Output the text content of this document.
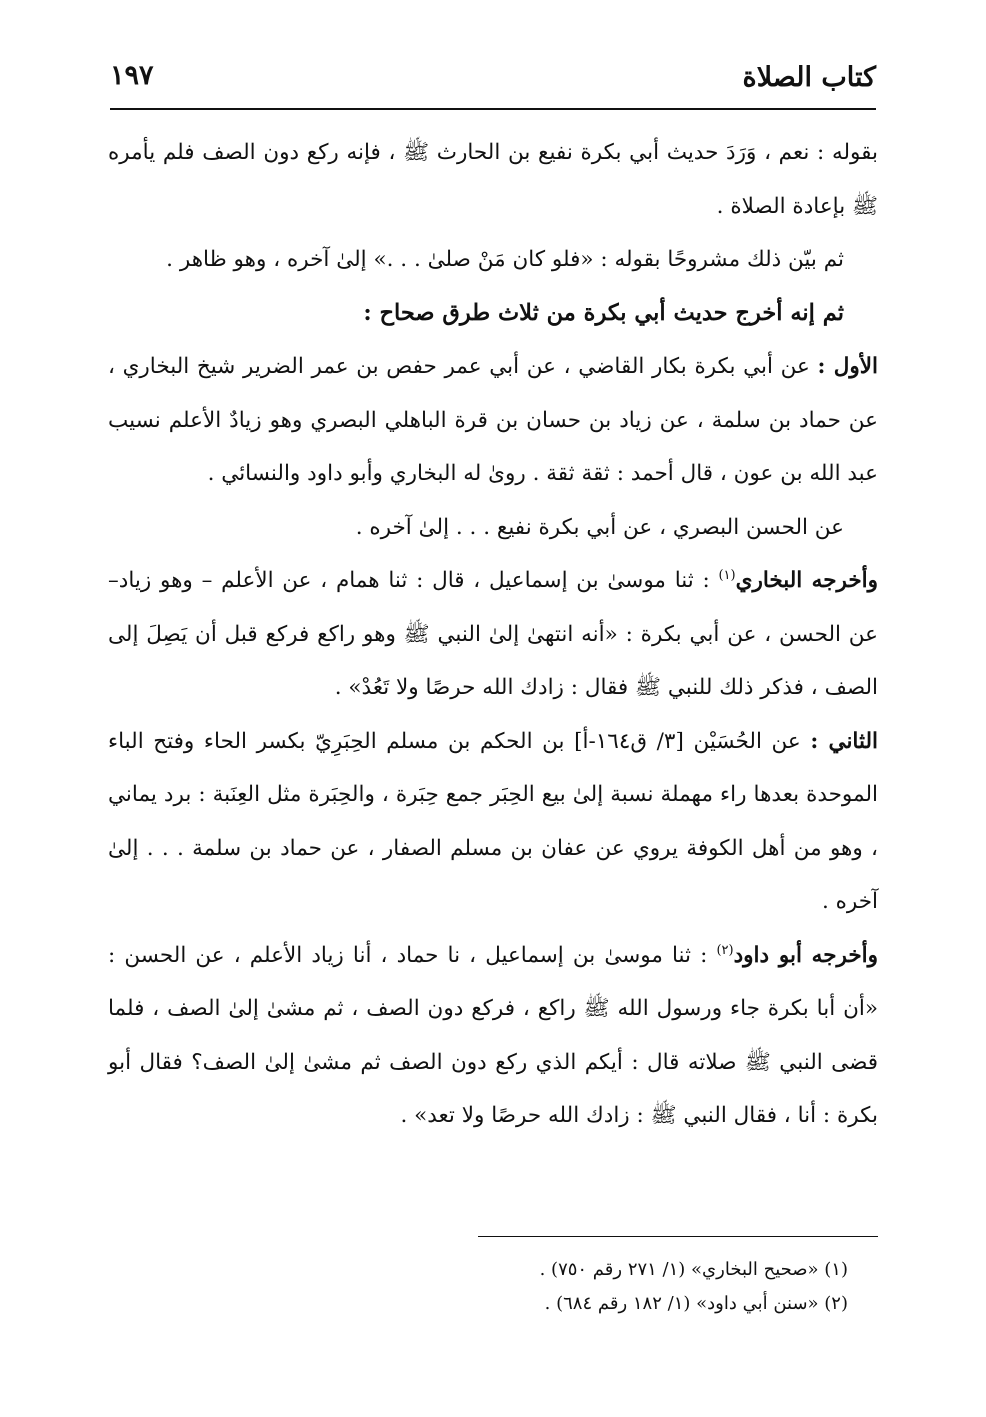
كتاب الصلاة
١٩٧

بقوله : نعم ، وَرَدَ حديث أبي بكرة نفيع بن الحارث ﷺ ، فإنه ركع دون الصف فلم يأمره ﷺ بإعادة الصلاة .

ثم بيّن ذلك مشروحًا بقوله : «فلو كان مَنْ صلىٰ . . .» إلىٰ آخره ، وهو ظاهر .

ثم إنه أخرج حديث أبي بكرة من ثلاث طرق صحاح :

الأول : عن أبي بكرة بكار القاضي ، عن أبي عمر حفص بن عمر الضرير شيخ البخاري ، عن حماد بن سلمة ، عن زياد بن حسان بن قرة الباهلي البصري وهو زيادٌ الأعلم نسيب عبد الله بن عون ، قال أحمد : ثقة ثقة . روىٰ له البخاري وأبو داود والنسائي .

عن الحسن البصري ، عن أبي بكرة نفيع . . . إلىٰ آخره .

وأخرجه البخاري$^{(١)}$ : ثنا موسىٰ بن إسماعيل ، قال : ثنا همام ، عن الأعلم – وهو زياد– عن الحسن ، عن أبي بكرة : «أنه انتهىٰ إلىٰ النبي ﷺ وهو راكع فركع قبل أن يَصِلَ إلى الصف ، فذكر ذلك للنبي ﷺ فقال : زادك الله حرصًا ولا تَعُدْ» .

الثاني : عن الحُسَيْن [٣/ ق١٦٤-أ] بن الحكم بن مسلم الحِبَرِيّ بكسر الحاء وفتح الباء الموحدة بعدها راء مهملة نسبة إلىٰ بيع الحِبَر جمع حِبَرة ، والحِبَرة مثل العِنَبة : برد يماني ، وهو من أهل الكوفة يروي عن عفان بن مسلم الصفار ، عن حماد بن سلمة . . . إلىٰ آخره .

وأخرجه أبو داود$^{(٢)}$ : ثنا موسىٰ بن إسماعيل ، نا حماد ، أنا زياد الأعلم ، عن الحسن : «أن أبا بكرة جاء ورسول الله ﷺ راكع ، فركع دون الصف ، ثم مشىٰ إلىٰ الصف ، فلما قضى النبي ﷺ صلاته قال : أيكم الذي ركع دون الصف ثم مشىٰ إلىٰ الصف؟ فقال أبو بكرة : أنا ، فقال النبي ﷺ : زادك الله حرصًا ولا تعد» .

(١) «صحيح البخاري» (١/ ٢٧١ رقم ٧٥٠) .

(٢) «سنن أبي داود» (١/ ١٨٢ رقم ٦٨٤) .
